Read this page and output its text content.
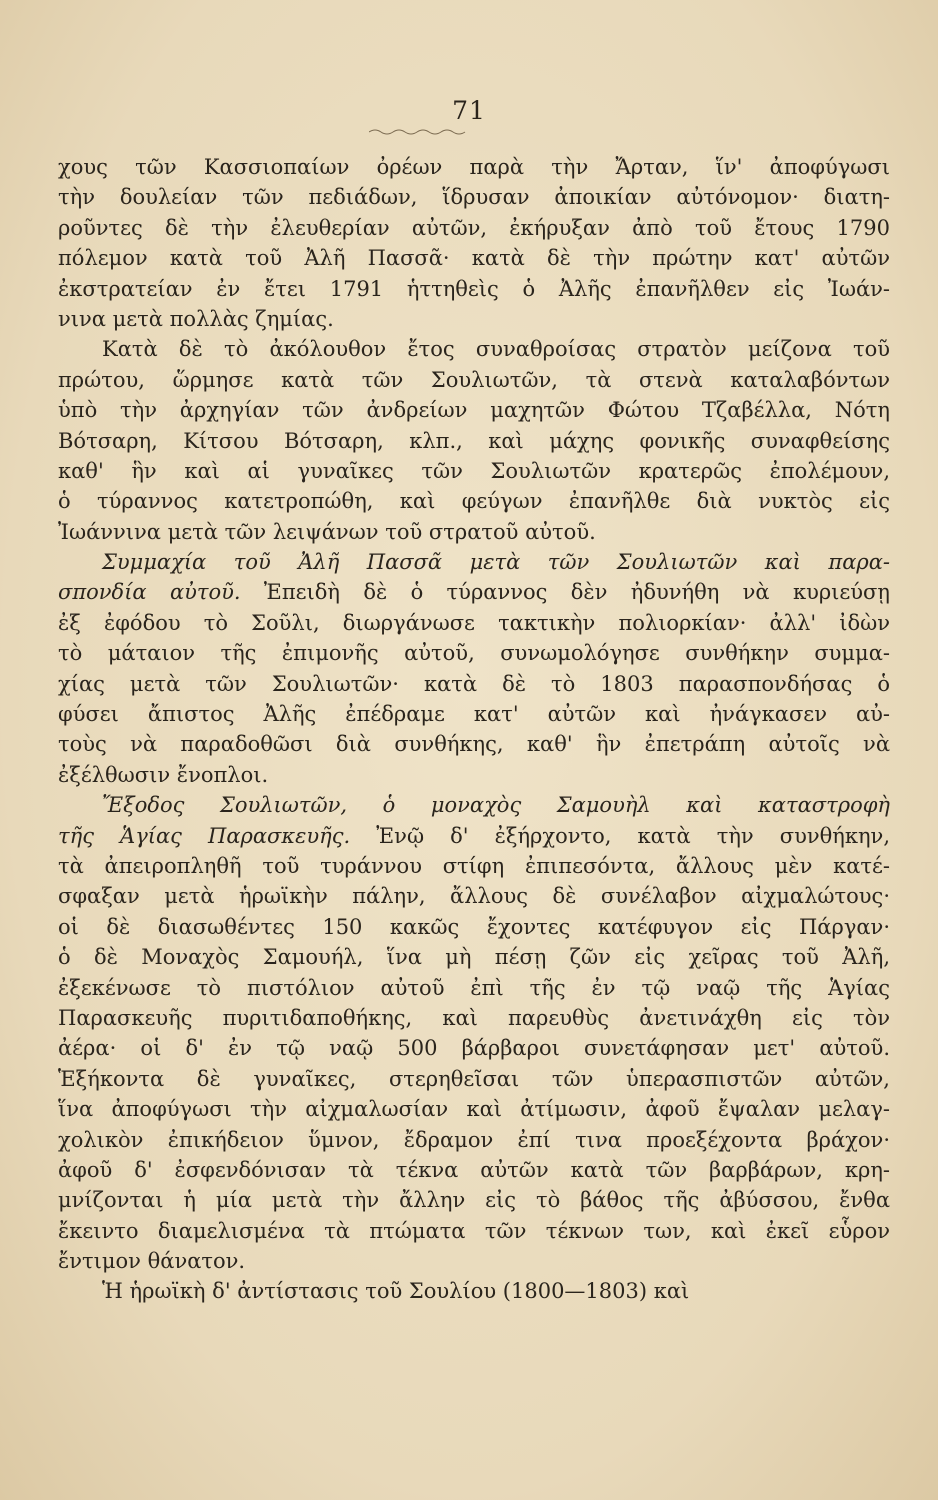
71
χους τῶν Κασσιοπαίων ὀρέων παρὰ τὴν Ἄρταν, ἵν' ἀποφύγωσι
τὴν δουλείαν τῶν πεδιάδων, ἵδρυσαν ἀποικίαν αὐτόνομον· διατη-
ροῦντες δὲ τὴν ἐλευθερίαν αὐτῶν, ἐκήρυξαν ἀπὸ τοῦ ἔτους 1790
πόλεμον κατὰ τοῦ Ἀλῆ Πασσᾶ· κατὰ δὲ τὴν πρώτην κατ' αὐτῶν
ἐκστρατείαν ἐν ἔτει 1791 ἡττηθεὶς ὁ Ἀλῆς ἐπανῆλθεν εἰς Ἰωάν-
νινα μετὰ πολλὰς ζημίας.
Κατὰ δὲ τὸ ἀκόλουθον ἔτος συναθροίσας στρατὸν μείζονα τοῦ
πρώτου, ὥρμησε κατὰ τῶν Σουλιωτῶν, τὰ στενὰ καταλαβόντων
ὑπὸ τὴν ἀρχηγίαν τῶν ἀνδρείων μαχητῶν Φώτου Τζαβέλλα, Νότη
Βότσαρη, Κίτσου Βότσαρη, κλπ., καὶ μάχης φονικῆς συναφθείσης
καθ' ἣν καὶ αἱ γυναῖκες τῶν Σουλιωτῶν κρατερῶς ἐπολέμουν,
ὁ τύραννος κατετροπώθη, καὶ φεύγων ἐπανῆλθε διὰ νυκτὸς εἰς
Ἰωάννινα μετὰ τῶν λειψάνων τοῦ στρατοῦ αὐτοῦ.
Συμμαχία τοῦ Ἀλῆ Πασσᾶ μετὰ τῶν Σουλιωτῶν καὶ παρα-
σπονδία αὐτοῦ. Ἐπειδὴ δὲ ὁ τύραννος δὲν ἠδυνήθη νὰ κυριεύσῃ
ἐξ ἐφόδου τὸ Σοῦλι, διωργάνωσε τακτικὴν πολιορκίαν· ἀλλ' ἰδὼν
τὸ μάταιον τῆς ἐπιμονῆς αὐτοῦ, συνωμολόγησε συνθήκην συμμα-
χίας μετὰ τῶν Σουλιωτῶν· κατὰ δὲ τὸ 1803 παρασπονδήσας ὁ
φύσει ἄπιστος Ἀλῆς ἐπέδραμε κατ' αὐτῶν καὶ ἠνάγκασεν αὐ-
τοὺς νὰ παραδοθῶσι διὰ συνθήκης, καθ' ἣν ἐπετράπη αὐτοῖς νὰ
ἐξέλθωσιν ἔνοπλοι.
Ἔξοδος Σουλιωτῶν, ὁ μοναχὸς Σαμουὴλ καὶ καταστροφὴ
τῆς Ἁγίας Παρασκευῆς. Ἐνῷ δ' ἐξήρχοντο, κατὰ τὴν συνθήκην,
τὰ ἀπειροπληθῆ τοῦ τυράννου στίφη ἐπιπεσόντα, ἄλλους μὲν κατέ-
σφαξαν μετὰ ἡρωϊκὴν πάλην, ἄλλους δὲ συνέλαβον αἰχμαλώτους·
οἱ δὲ διασωθέντες 150 κακῶς ἔχοντες κατέφυγον εἰς Πάργαν·
ὁ δὲ Μοναχὸς Σαμουήλ, ἵνα μὴ πέσῃ ζῶν εἰς χεῖρας τοῦ Ἀλῆ,
ἐξεκένωσε τὸ πιστόλιον αὐτοῦ ἐπὶ τῆς ἐν τῷ ναῷ τῆς Ἁγίας
Παρασκευῆς πυριτιδαποθήκης, καὶ παρευθὺς ἀνετινάχθη εἰς τὸν
ἀέρα· οἱ δ' ἐν τῷ ναῷ 500 βάρβαροι συνετάφησαν μετ' αὐτοῦ.
Ἑξήκοντα δὲ γυναῖκες, στερηθεῖσαι τῶν ὑπερασπιστῶν αὐτῶν,
ἵνα ἀποφύγωσι τὴν αἰχμαλωσίαν καὶ ἀτίμωσιν, ἀφοῦ ἔψαλαν μελαγ-
χολικὸν ἐπικήδειον ὕμνον, ἔδραμον ἐπί τινα προεξέχοντα βράχον·
ἀφοῦ δ' ἐσφενδόνισαν τὰ τέκνα αὐτῶν κατὰ τῶν βαρβάρων, κρη-
μνίζονται ἡ μία μετὰ τὴν ἄλλην εἰς τὸ βάθος τῆς ἀβύσσου, ἔνθα
ἔκειντο διαμελισμένα τὰ πτώματα τῶν τέκνων των, καὶ ἐκεῖ εὗρον
ἔντιμον θάνατον.
Ἡ ἡρωϊκὴ δ' ἀντίστασις τοῦ Σουλίου (1800—1803) καὶ
